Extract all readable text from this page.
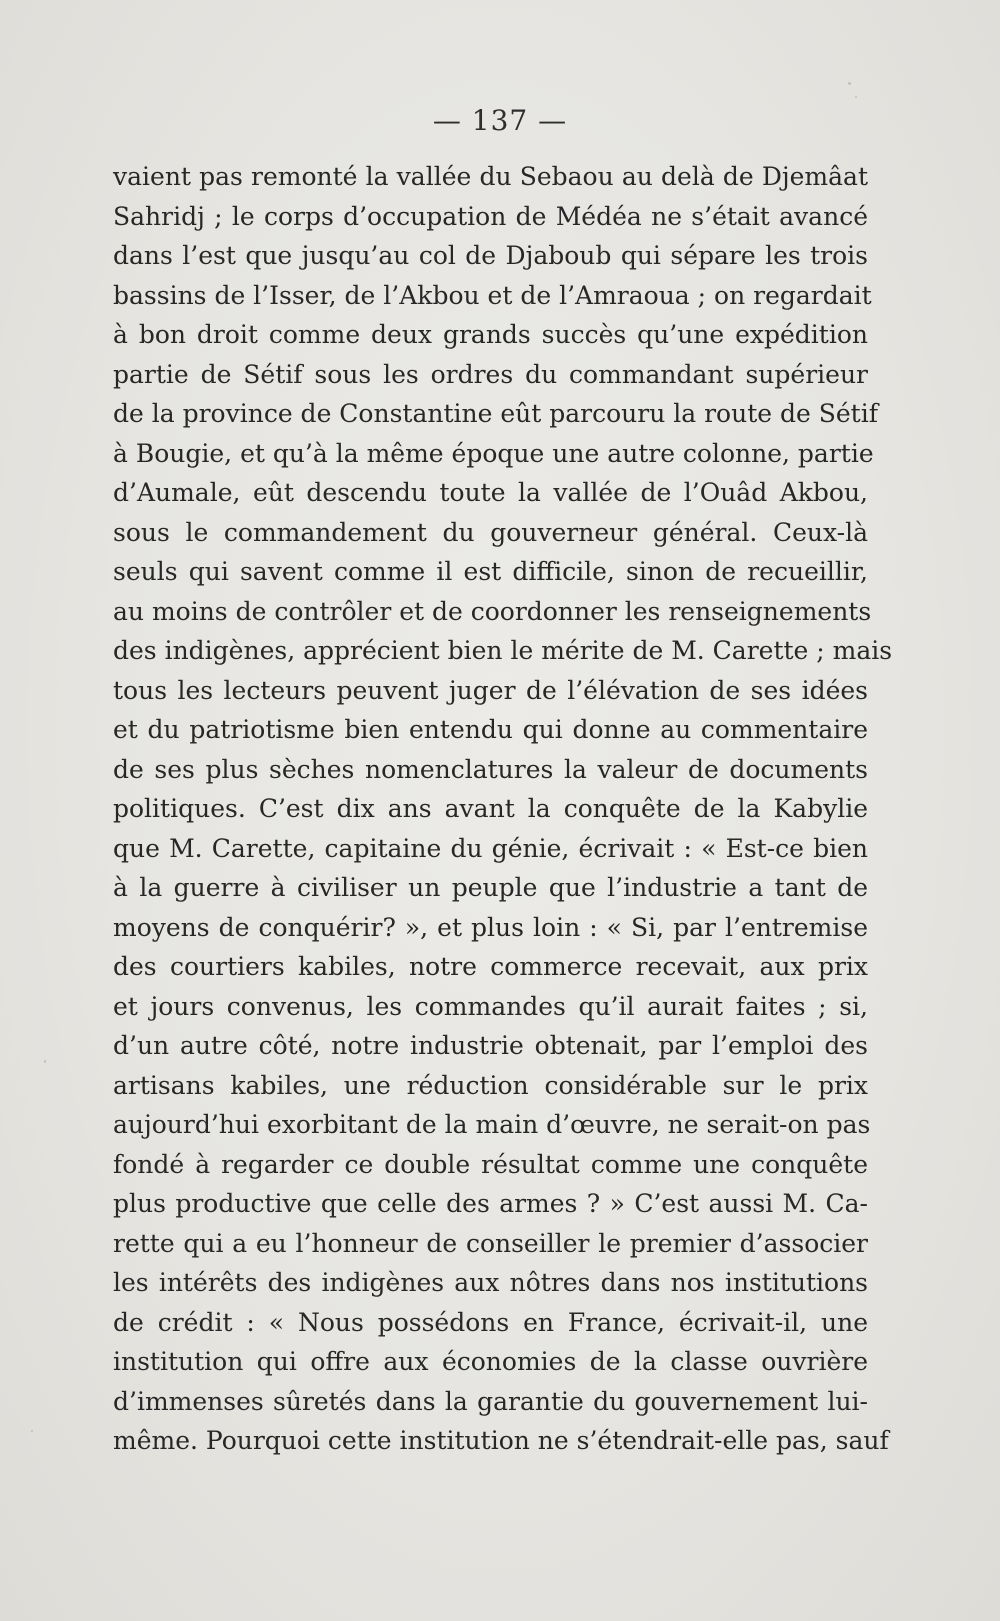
— 137 —
vaient pas remonté la vallée du Sebaou au delà de Djemâat
Sahridj ; le corps d’occupation de Médéa ne s’était avancé
dans l’est que jusqu’au col de Djaboub qui sépare les trois
bassins de l’Isser, de l’Akbou et de l’Amraoua ; on regardait
à bon droit comme deux grands succès qu’une expédition
partie de Sétif sous les ordres du commandant supérieur
de la province de Constantine eût parcouru la route de Sétif
à Bougie, et qu’à la même époque une autre colonne, partie
d’Aumale, eût descendu toute la vallée de l’Ouâd Akbou,
sous le commandement du gouverneur général. Ceux-là
seuls qui savent comme il est difficile, sinon de recueillir,
au moins de contrôler et de coordonner les renseignements
des indigènes, apprécient bien le mérite de M. Carette ; mais
tous les lecteurs peuvent juger de l’élévation de ses idées
et du patriotisme bien entendu qui donne au commentaire
de ses plus sèches nomenclatures la valeur de documents
politiques. C’est dix ans avant la conquête de la Kabylie
que M. Carette, capitaine du génie, écrivait : « Est-ce bien
à la guerre à civiliser un peuple que l’industrie a tant de
moyens de conquérir? », et plus loin : « Si, par l’entremise
des courtiers kabiles, notre commerce recevait, aux prix
et jours convenus, les commandes qu’il aurait faites ; si,
d’un autre côté, notre industrie obtenait, par l’emploi des
artisans kabiles, une réduction considérable sur le prix
aujourd’hui exorbitant de la main d’œuvre, ne serait-on pas
fondé à regarder ce double résultat comme une conquête
plus productive que celle des armes ? » C’est aussi M. Ca-
rette qui a eu l’honneur de conseiller le premier d’associer
les intérêts des indigènes aux nôtres dans nos institutions
de crédit : « Nous possédons en France, écrivait-il, une
institution qui offre aux économies de la classe ouvrière
d’immenses sûretés dans la garantie du gouvernement lui-
même. Pourquoi cette institution ne s’étendrait-elle pas, sauf
